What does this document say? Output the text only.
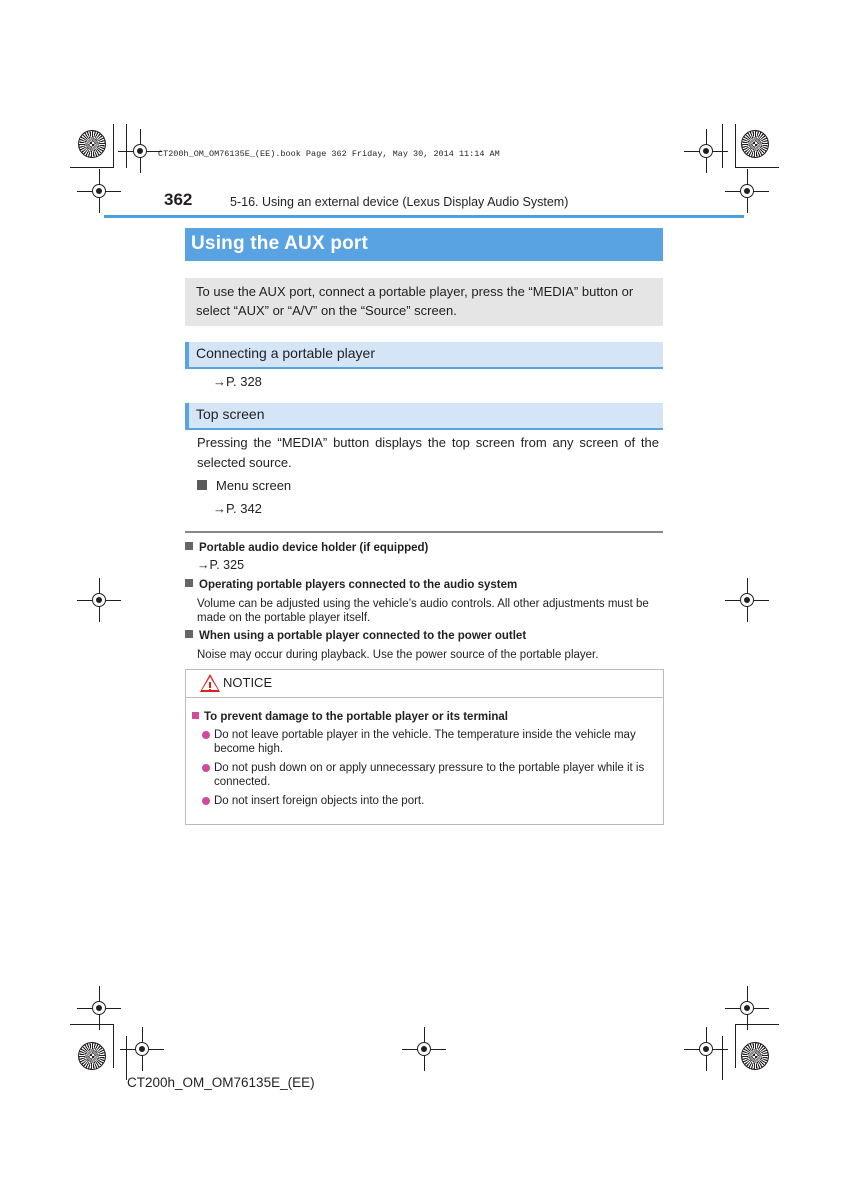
CT200h_OM_OM76135E_(EE).book Page 362 Friday, May 30, 2014 11:14 AM
362	5-16. Using an external device (Lexus Display Audio System)
Using the AUX port
To use the AUX port, connect a portable player, press the “MEDIA” button or select “AUX” or “A/V” on the “Source” screen.
Connecting a portable player
→P. 328
Top screen
Pressing the “MEDIA” button displays the top screen from any screen of the selected source.
Menu screen
→P. 342
Portable audio device holder (if equipped)
→P. 325
Operating portable players connected to the audio system
Volume can be adjusted using the vehicle’s audio controls. All other adjustments must be made on the portable player itself.
When using a portable player connected to the power outlet
Noise may occur during playback. Use the power source of the portable player.
NOTICE
To prevent damage to the portable player or its terminal
Do not leave portable player in the vehicle. The temperature inside the vehicle may become high.
Do not push down on or apply unnecessary pressure to the portable player while it is connected.
Do not insert foreign objects into the port.
CT200h_OM_OM76135E_(EE)
